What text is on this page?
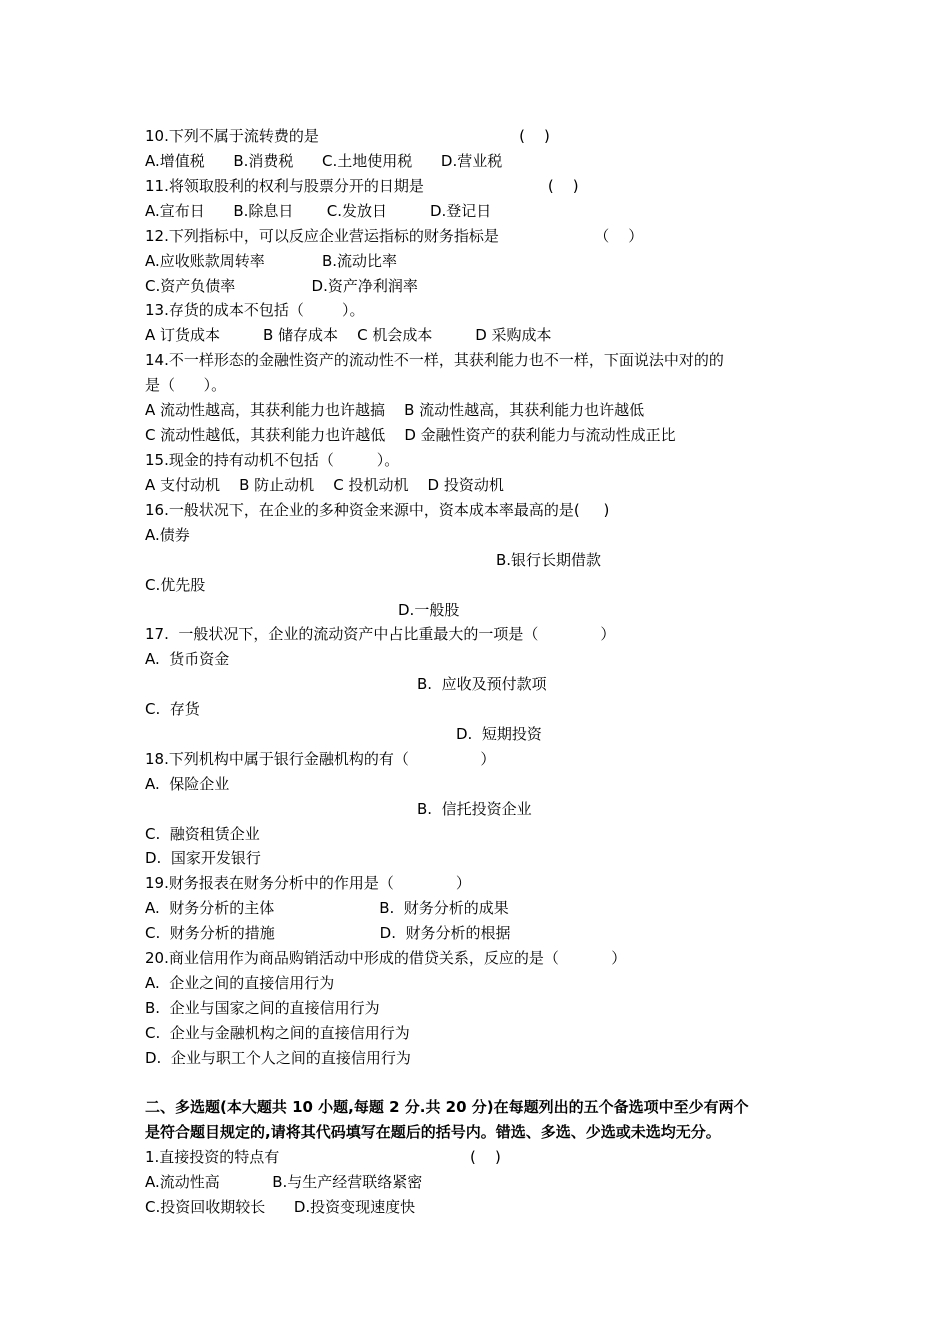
10.下列不属于流转费的是                                          (    )
A.增值税      B.消费税      C.土地使用税      D.营业税
11.将领取股利的权利与股票分开的日期是                          (    )
A.宣布日      B.除息日       C.发放日         D.登记日
12.下列指标中，可以反应企业营运指标的财务指标是                    （    ）
A.应收账款周转率            B.流动比率
C.资产负债率                D.资产净利润率
13.存货的成本不包括（        ）。
A 订货成本         B 储存成本    C 机会成本         D 采购成本
14.不一样形态的金融性资产的流动性不一样，其获利能力也不一样，下面说法中对的的
是（      ）。
A 流动性越高，其获利能力也许越搞    B 流动性越高，其获利能力也许越低
C 流动性越低，其获利能力也许越低    D 金融性资产的获利能力与流动性成正比
15.现金的持有动机不包括（         ）。
A 支付动机    B 防止动机    C 投机动机    D 投资动机
16.一般状况下，在企业的多种资金来源中，资本成本率最高的是(     )
A.债券
B.银行长期借款
C.优先股
D.一般股
17.  一般状况下，企业的流动资产中占比重最大的一项是（             ）
A.  货币资金
B.  应收及预付款项
C.  存货
D.  短期投资
18.下列机构中属于银行金融机构的有（               ）
A.  保险企业
B.  信托投资企业
C.  融资租赁企业
D.  国家开发银行
19.财务报表在财务分析中的作用是（             ）
A.  财务分析的主体                      B.  财务分析的成果
C.  财务分析的措施                      D.  财务分析的根据
20.商业信用作为商品购销活动中形成的借贷关系，反应的是（           ）
A.  企业之间的直接信用行为
B.  企业与国家之间的直接信用行为
C.  企业与金融机构之间的直接信用行为
D.  企业与职工个人之间的直接信用行为
二、多选题(本大题共 10 小题,每题 2 分.共 20 分)在每题列出的五个备选项中至少有两个
是符合题目规定的,请将其代码填写在题后的括号内。错选、多选、少选或未选均无分。
1.直接投资的特点有                                        (    )
A.流动性高           B.与生产经营联络紧密
C.投资回收期较长      D.投资变现速度快
